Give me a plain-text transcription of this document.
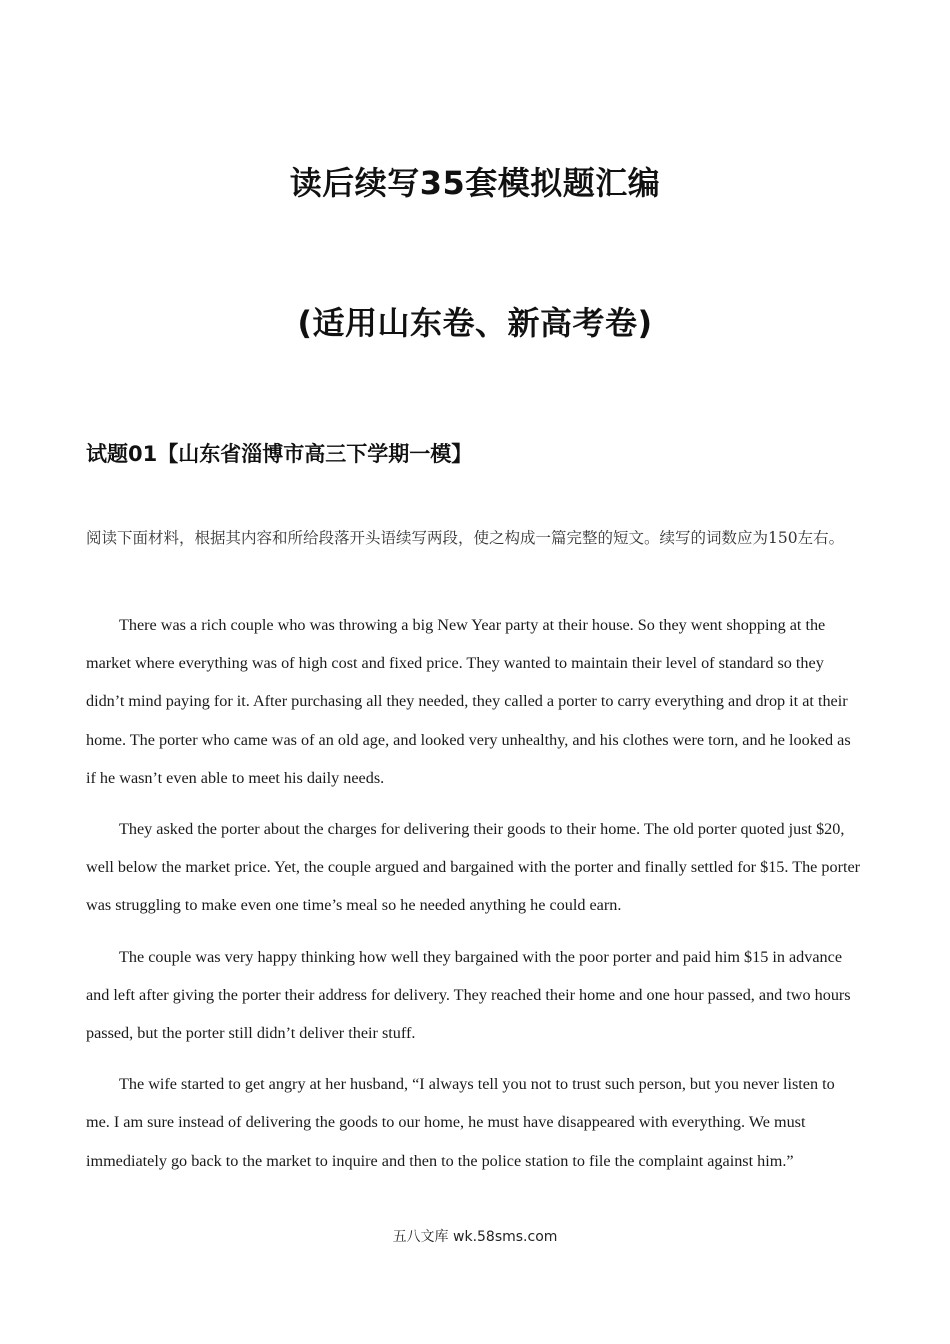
读后续写35套模拟题汇编
(适用山东卷、新高考卷)
试题01【山东省淄博市高三下学期一模】

阅读下面材料，根据其内容和所给段落开头语续写两段，使之构成一篇完整的短文。续写的词数应为150左右。

There was a rich couple who was throwing a big New Year party at their house. So they went shopping at the market where everything was of high cost and fixed price. They wanted to maintain their level of standard so they didn’t mind paying for it. After purchasing all they needed, they called a porter to carry everything and drop it at their home. The porter who came was of an old age, and looked very unhealthy, and his clothes were torn, and he looked as if he wasn’t even able to meet his daily needs.

They asked the porter about the charges for delivering their goods to their home. The old porter quoted just $20, well below the market price. Yet, the couple argued and bargained with the porter and finally settled for $15. The porter was struggling to make even one time’s meal so he needed anything he could earn.

The couple was very happy thinking how well they bargained with the poor porter and paid him $15 in advance and left after giving the porter their address for delivery. They reached their home and one hour passed, and two hours passed, but the porter still didn’t deliver their stuff.

The wife started to get angry at her husband, “I always tell you not to trust such person, but you never listen to me. I am sure instead of delivering the goods to our home, he must have disappeared with everything. We must immediately go back to the market to inquire and then to the police station to file the complaint against him.”

五八文库 wk.58sms.com
